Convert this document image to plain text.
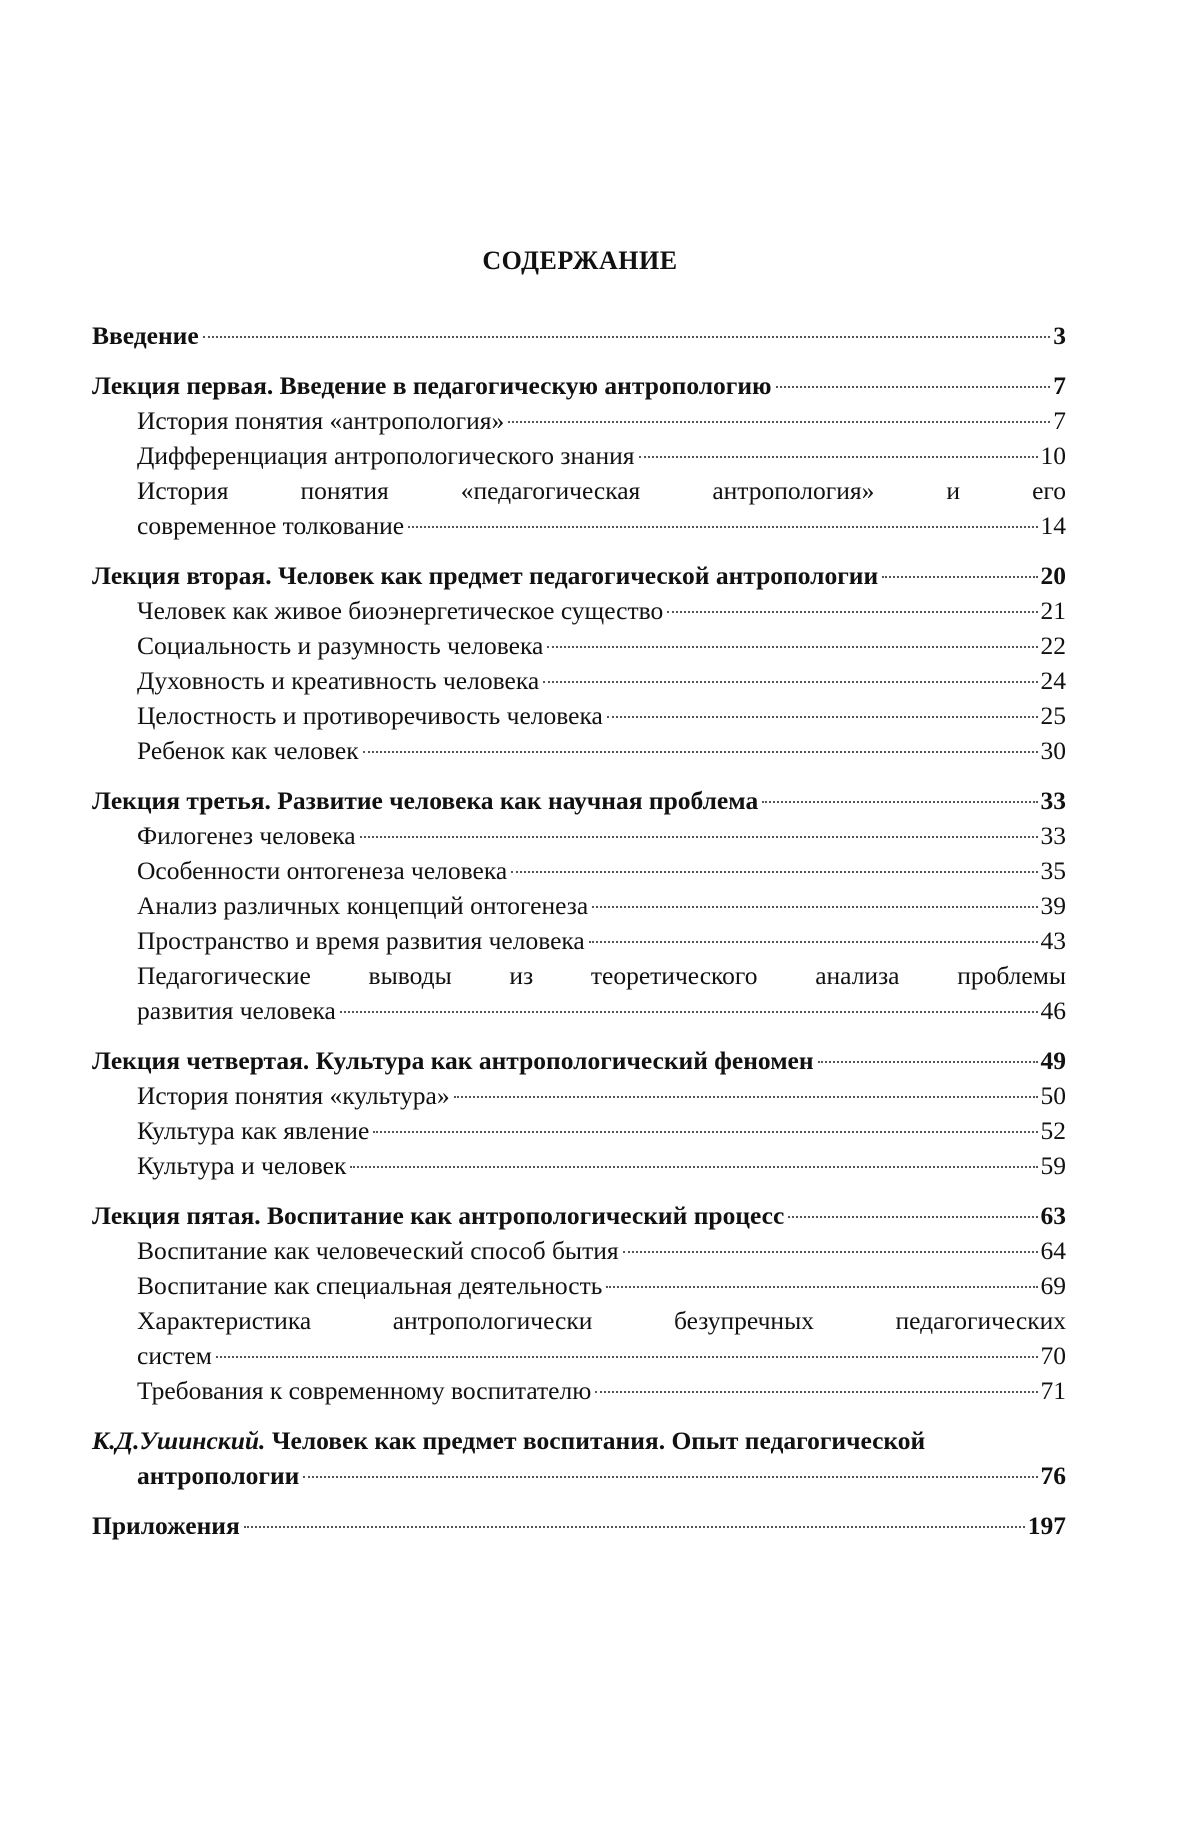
СОДЕРЖАНИЕ
Введение	3
Лекция первая. Введение в педагогическую антропологию	7
История понятия «антропология»	7
Дифференциация антропологического знания	10
История понятия «педагогическая антропология» и его
современное толкование	14
Лекция вторая. Человек как предмет педагогической антропологии	20
Человек как живое биоэнергетическое существо	21
Социальность и разумность человека	22
Духовность и креативность человека	24
Целостность и противоречивость человека	25
Ребенок как человек	30
Лекция третья. Развитие человека как научная проблема	33
Филогенез человека	33
Особенности онтогенеза человека	35
Анализ различных концепций онтогенеза	39
Пространство и время развития человека	43
Педагогические выводы из теоретического анализа проблемы
развития человека	46
Лекция четвертая. Культура как антропологический феномен	49
История понятия «культура»	50
Культура как явление	52
Культура и человек	59
Лекция пятая. Воспитание как антропологический процесс	63
Воспитание как человеческий способ бытия	64
Воспитание как специальная деятельность	69
Характеристика антропологически безупречных педагогических
систем	70
Требования к современному воспитателю	71
К.Д.Ушинский. Человек как предмет воспитания. Опыт педагогической
антропологии	76
Приложения	197
